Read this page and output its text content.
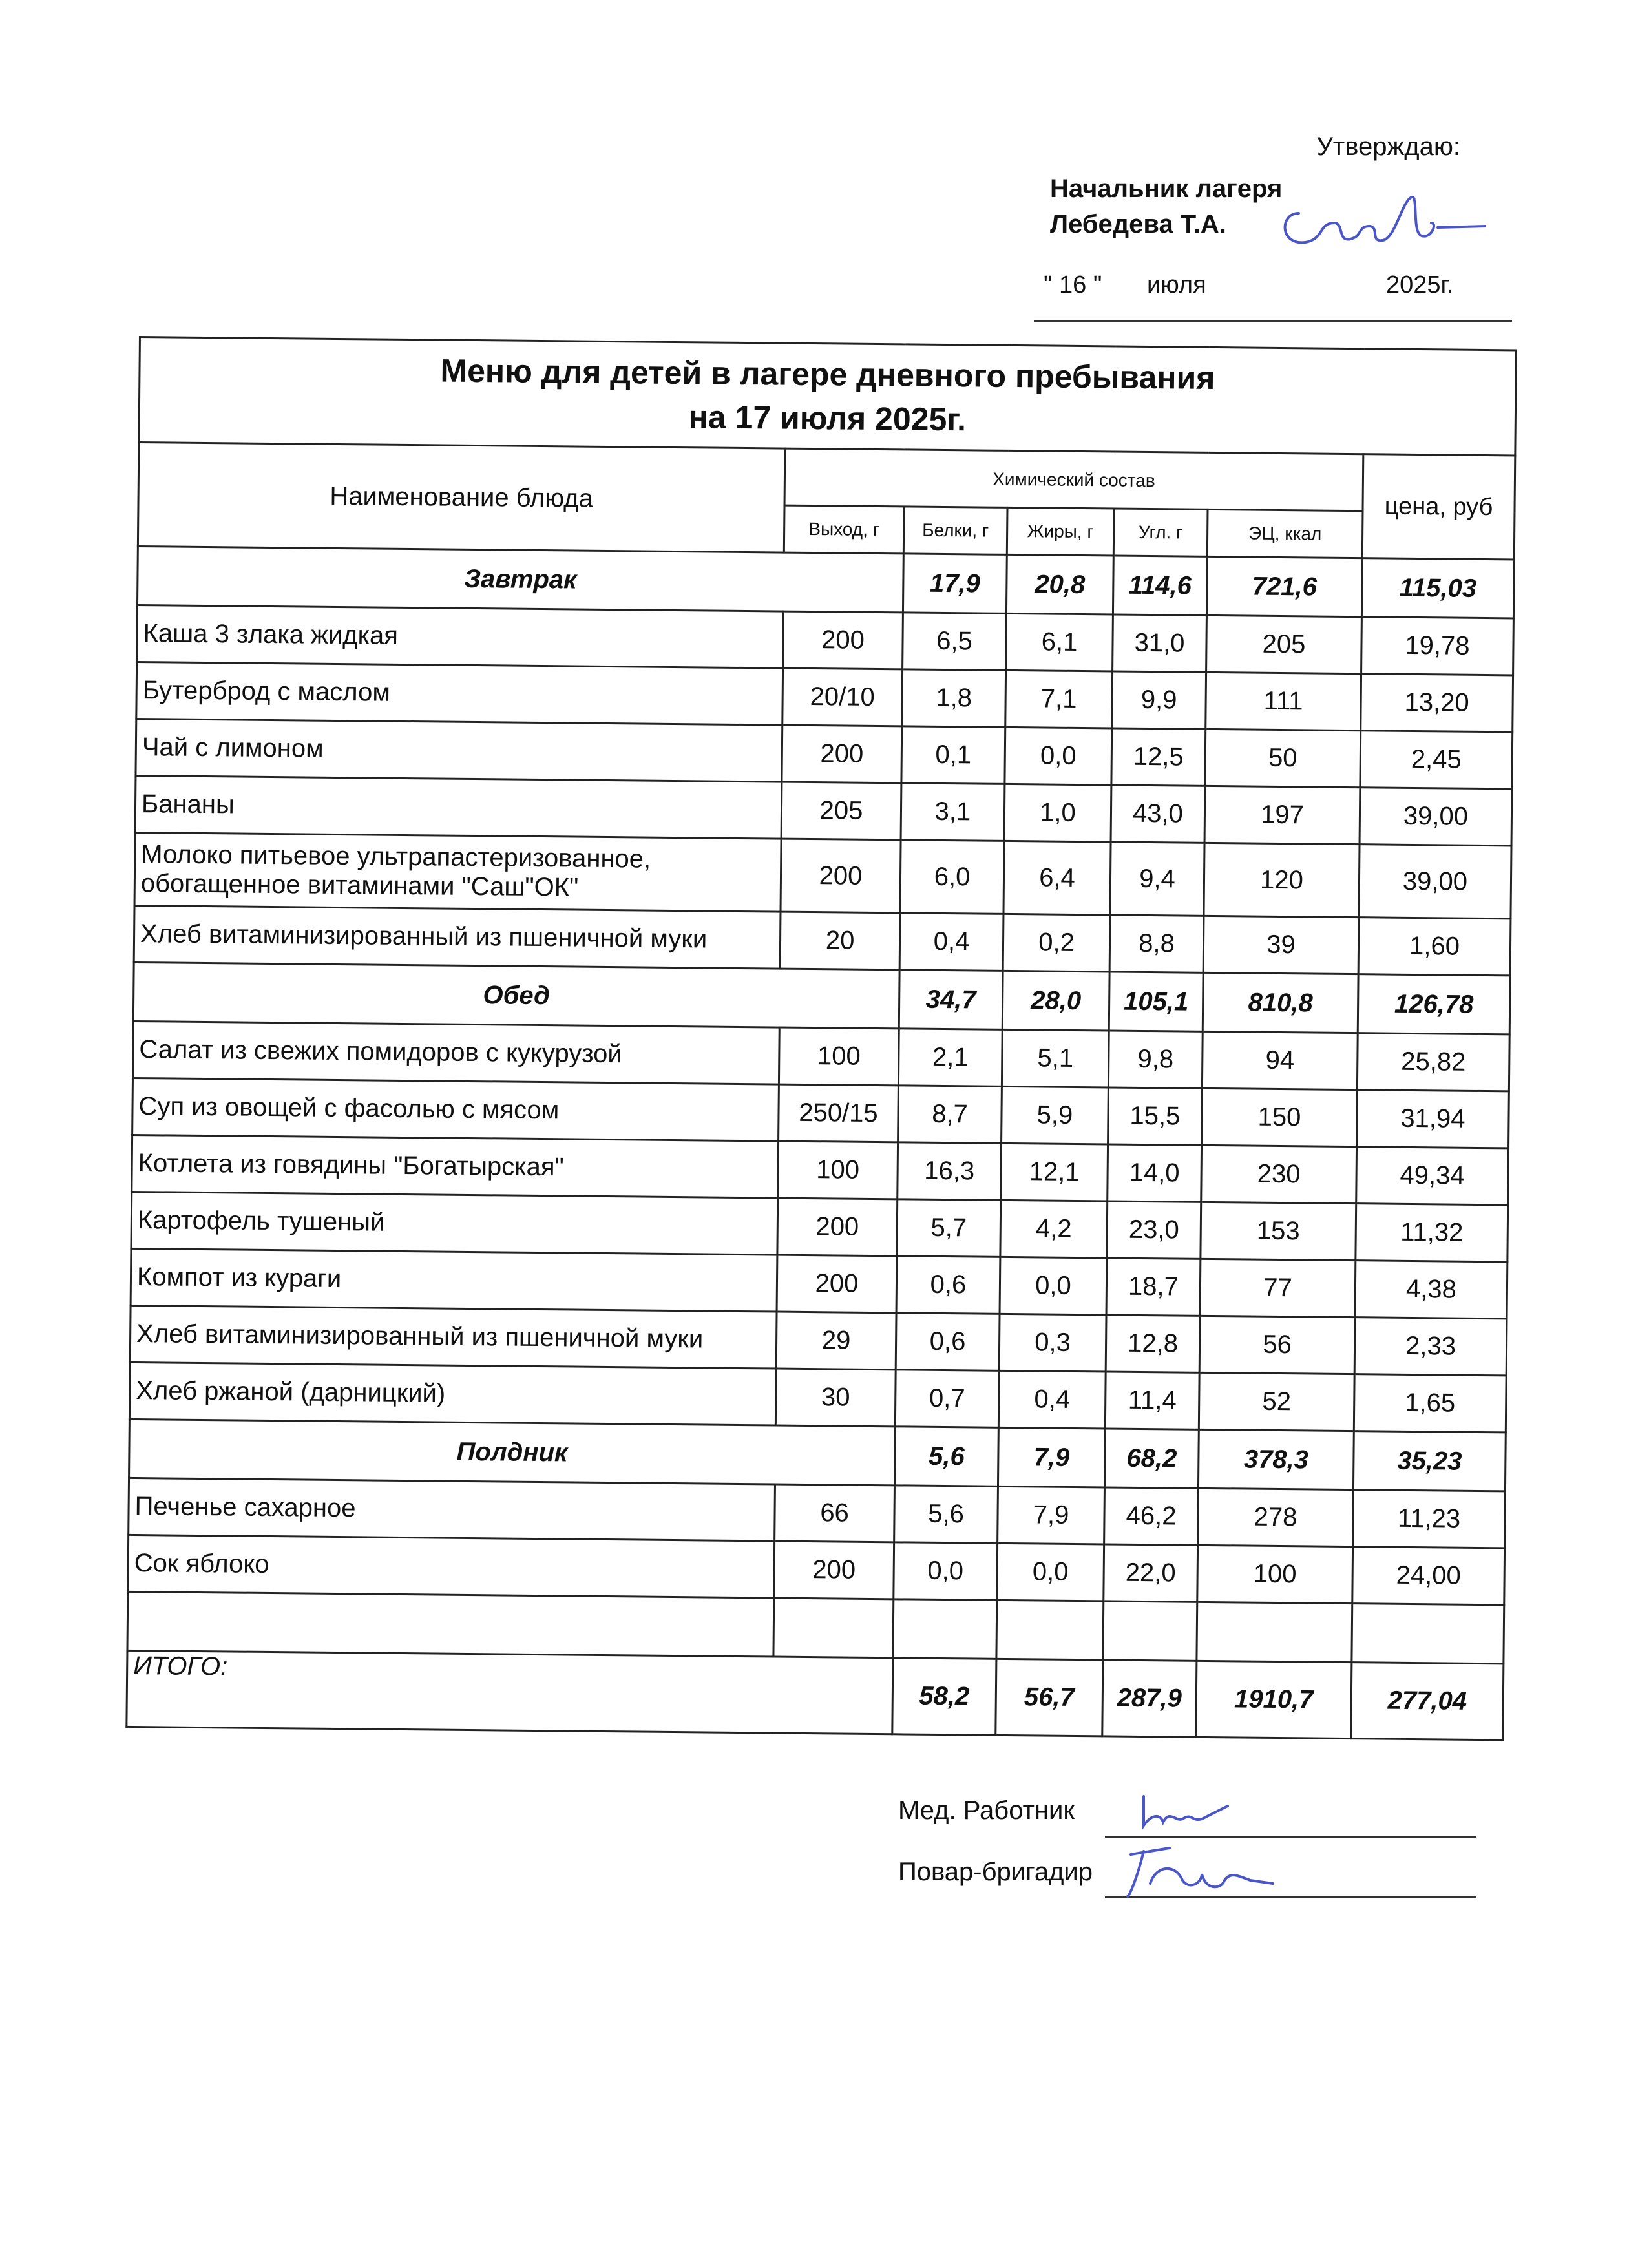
Утверждаю:
Начальник лагеря
Лебедева Т.А.
" 16 " июля	2025г.
Меню для детей в лагере дневного пребывания
на 17 июля 2025г.						

Наименование блюда	Химический состав					цена, руб
	Выход, г	Белки, г	Жиры, г	Угл. г	ЭЦ, ккал	
Завтрак		17,9	20,8	114,6	721,6	115,03
Каша 3 злака жидкая	200	6,5	6,1	31,0	205	19,78
Бутерброд с маслом	20/10	1,8	7,1	9,9	111	13,20
Чай с лимоном	200	0,1	0,0	12,5	50	2,45
Бананы	205	3,1	1,0	43,0	197	39,00
Молоко питьевое ультрапастеризованное, обогащенное витаминами "Саш"ОК"	200	6,0	6,4	9,4	120	39,00
Хлеб витаминизированный из пшеничной муки	20	0,4	0,2	8,8	39	1,60
Обед		34,7	28,0	105,1	810,8	126,78
Салат из свежих помидоров с кукурузой	100	2,1	5,1	9,8	94	25,82
Суп из овощей с фасолью с мясом	250/15	8,7	5,9	15,5	150	31,94
Котлета из говядины "Богатырская"	100	16,3	12,1	14,0	230	49,34
Картофель тушеный	200	5,7	4,2	23,0	153	11,32
Компот из кураги	200	0,6	0,0	18,7	77	4,38
Хлеб витаминизированный из пшеничной муки	29	0,6	0,3	12,8	56	2,33
Хлеб ржаной (дарницкий)	30	0,7	0,4	11,4	52	1,65
Полдник		5,6	7,9	68,2	378,3	35,23
Печенье сахарное	66	5,6	7,9	46,2	278	11,23
Сок яблоко	200	0,0	0,0	22,0	100	24,00

ИТОГО:		58,2	56,7	287,9	1910,7	277,04
Мед. Работник
Повар-бригадир
